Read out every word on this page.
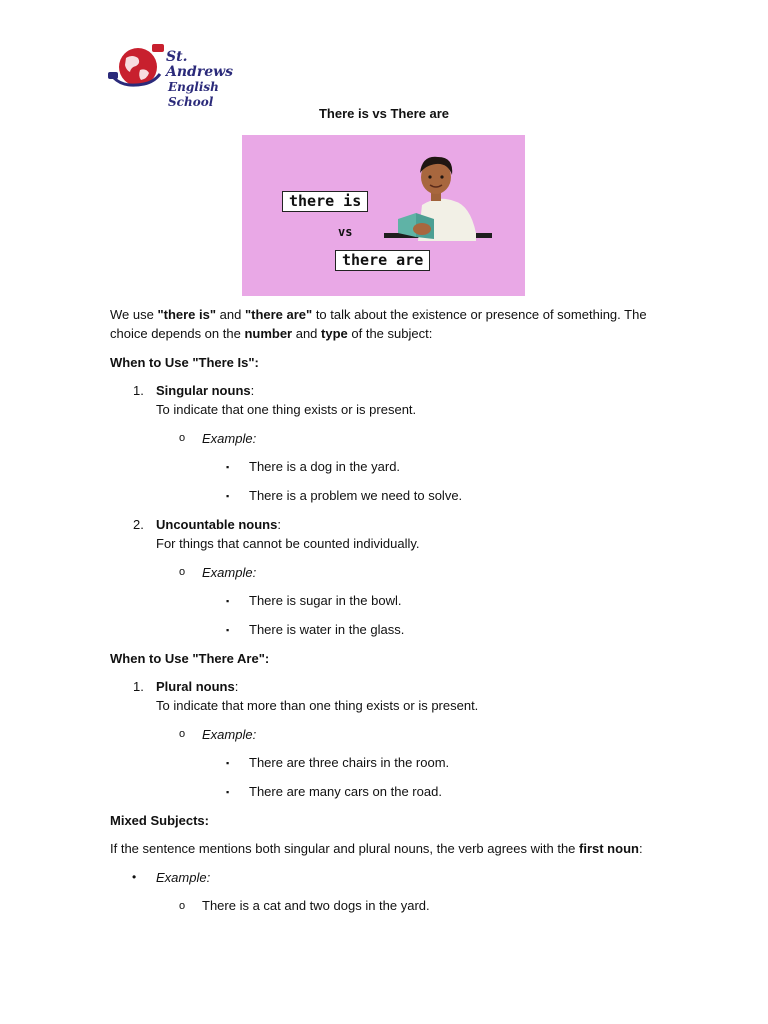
St. Andrews
English School
There is vs There are
there is
vs
there are
We use "there is" and "there are" to talk about the existence or presence of something. The
choice depends on the number and type of the subject:
When to Use "There Is":
1. Singular nouns:
To indicate that one thing exists or is present.
o Example:
▪ There is a dog in the yard.
▪ There is a problem we need to solve.
2. Uncountable nouns:
For things that cannot be counted individually.
o Example:
▪ There is sugar in the bowl.
▪ There is water in the glass.
When to Use "There Are":
1. Plural nouns:
To indicate that more than one thing exists or is present.
o Example:
▪ There are three chairs in the room.
▪ There are many cars on the road.
Mixed Subjects:
If the sentence mentions both singular and plural nouns, the verb agrees with the first noun:
• Example:
o There is a cat and two dogs in the yard.
